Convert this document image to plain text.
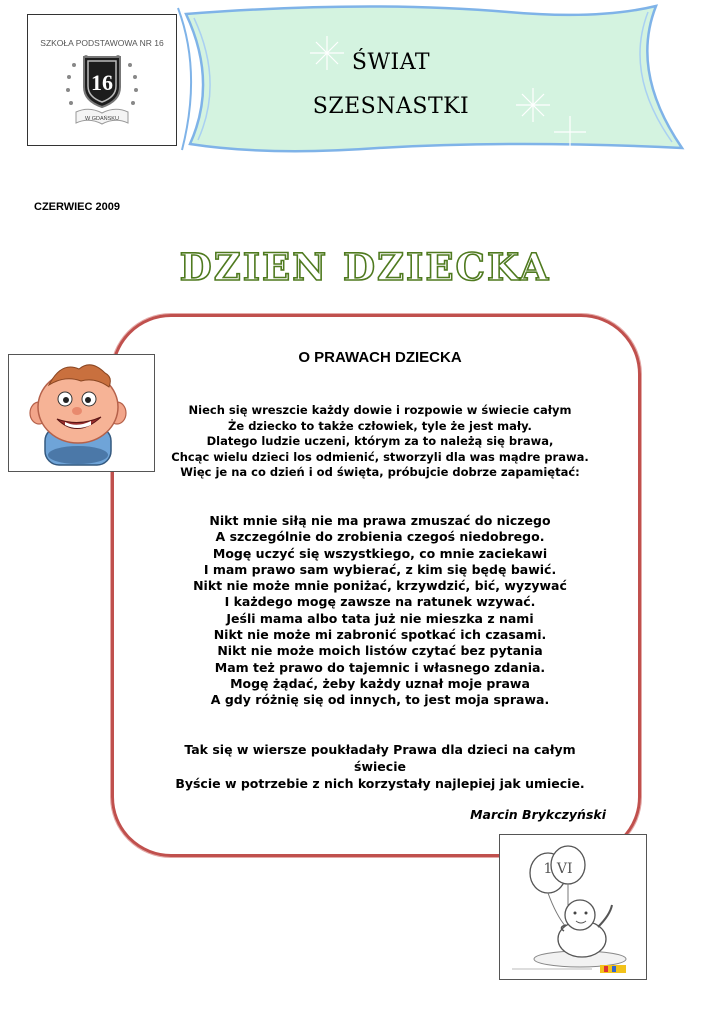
SZKOŁA PODSTAWOWA NR 16
16
W GDAŃSKU
ŚWIAT
SZESNASTKI
CZERWIEC 2009
DZIEN DZIECKA
O PRAWACH DZIECKA
Niech się wreszcie każdy dowie i rozpowie w świecie całym
Że dziecko to także człowiek, tyle że jest mały.
Dlatego ludzie uczeni, którym za to należą się brawa,
Chcąc wielu dzieci los odmienić, stworzyli dla was mądre prawa.
Więc je na co dzień i od święta, próbujcie dobrze zapamiętać:
Nikt mnie siłą nie ma prawa zmuszać do niczego
A szczególnie do zrobienia czegoś niedobrego.
Mogę uczyć się wszystkiego, co mnie zaciekawi
I mam prawo sam wybierać, z kim się będę bawić.
Nikt nie może mnie poniżać, krzywdzić, bić, wyzywać
I każdego mogę zawsze na ratunek wzywać.
Jeśli mama albo tata już nie mieszka z nami
Nikt nie może mi zabronić spotkać ich czasami.
Nikt nie może moich listów czytać bez pytania
Mam też prawo do tajemnic i własnego zdania.
Mogę żądać, żeby każdy uznał moje prawa
A gdy różnię się od innych, to jest moja sprawa.
Tak się w wiersze poukładały Prawa dla dzieci na całym
świecie
Byście w potrzebie z nich korzystały najlepiej jak umiecie.
Marcin Brykczyński
1 VI
